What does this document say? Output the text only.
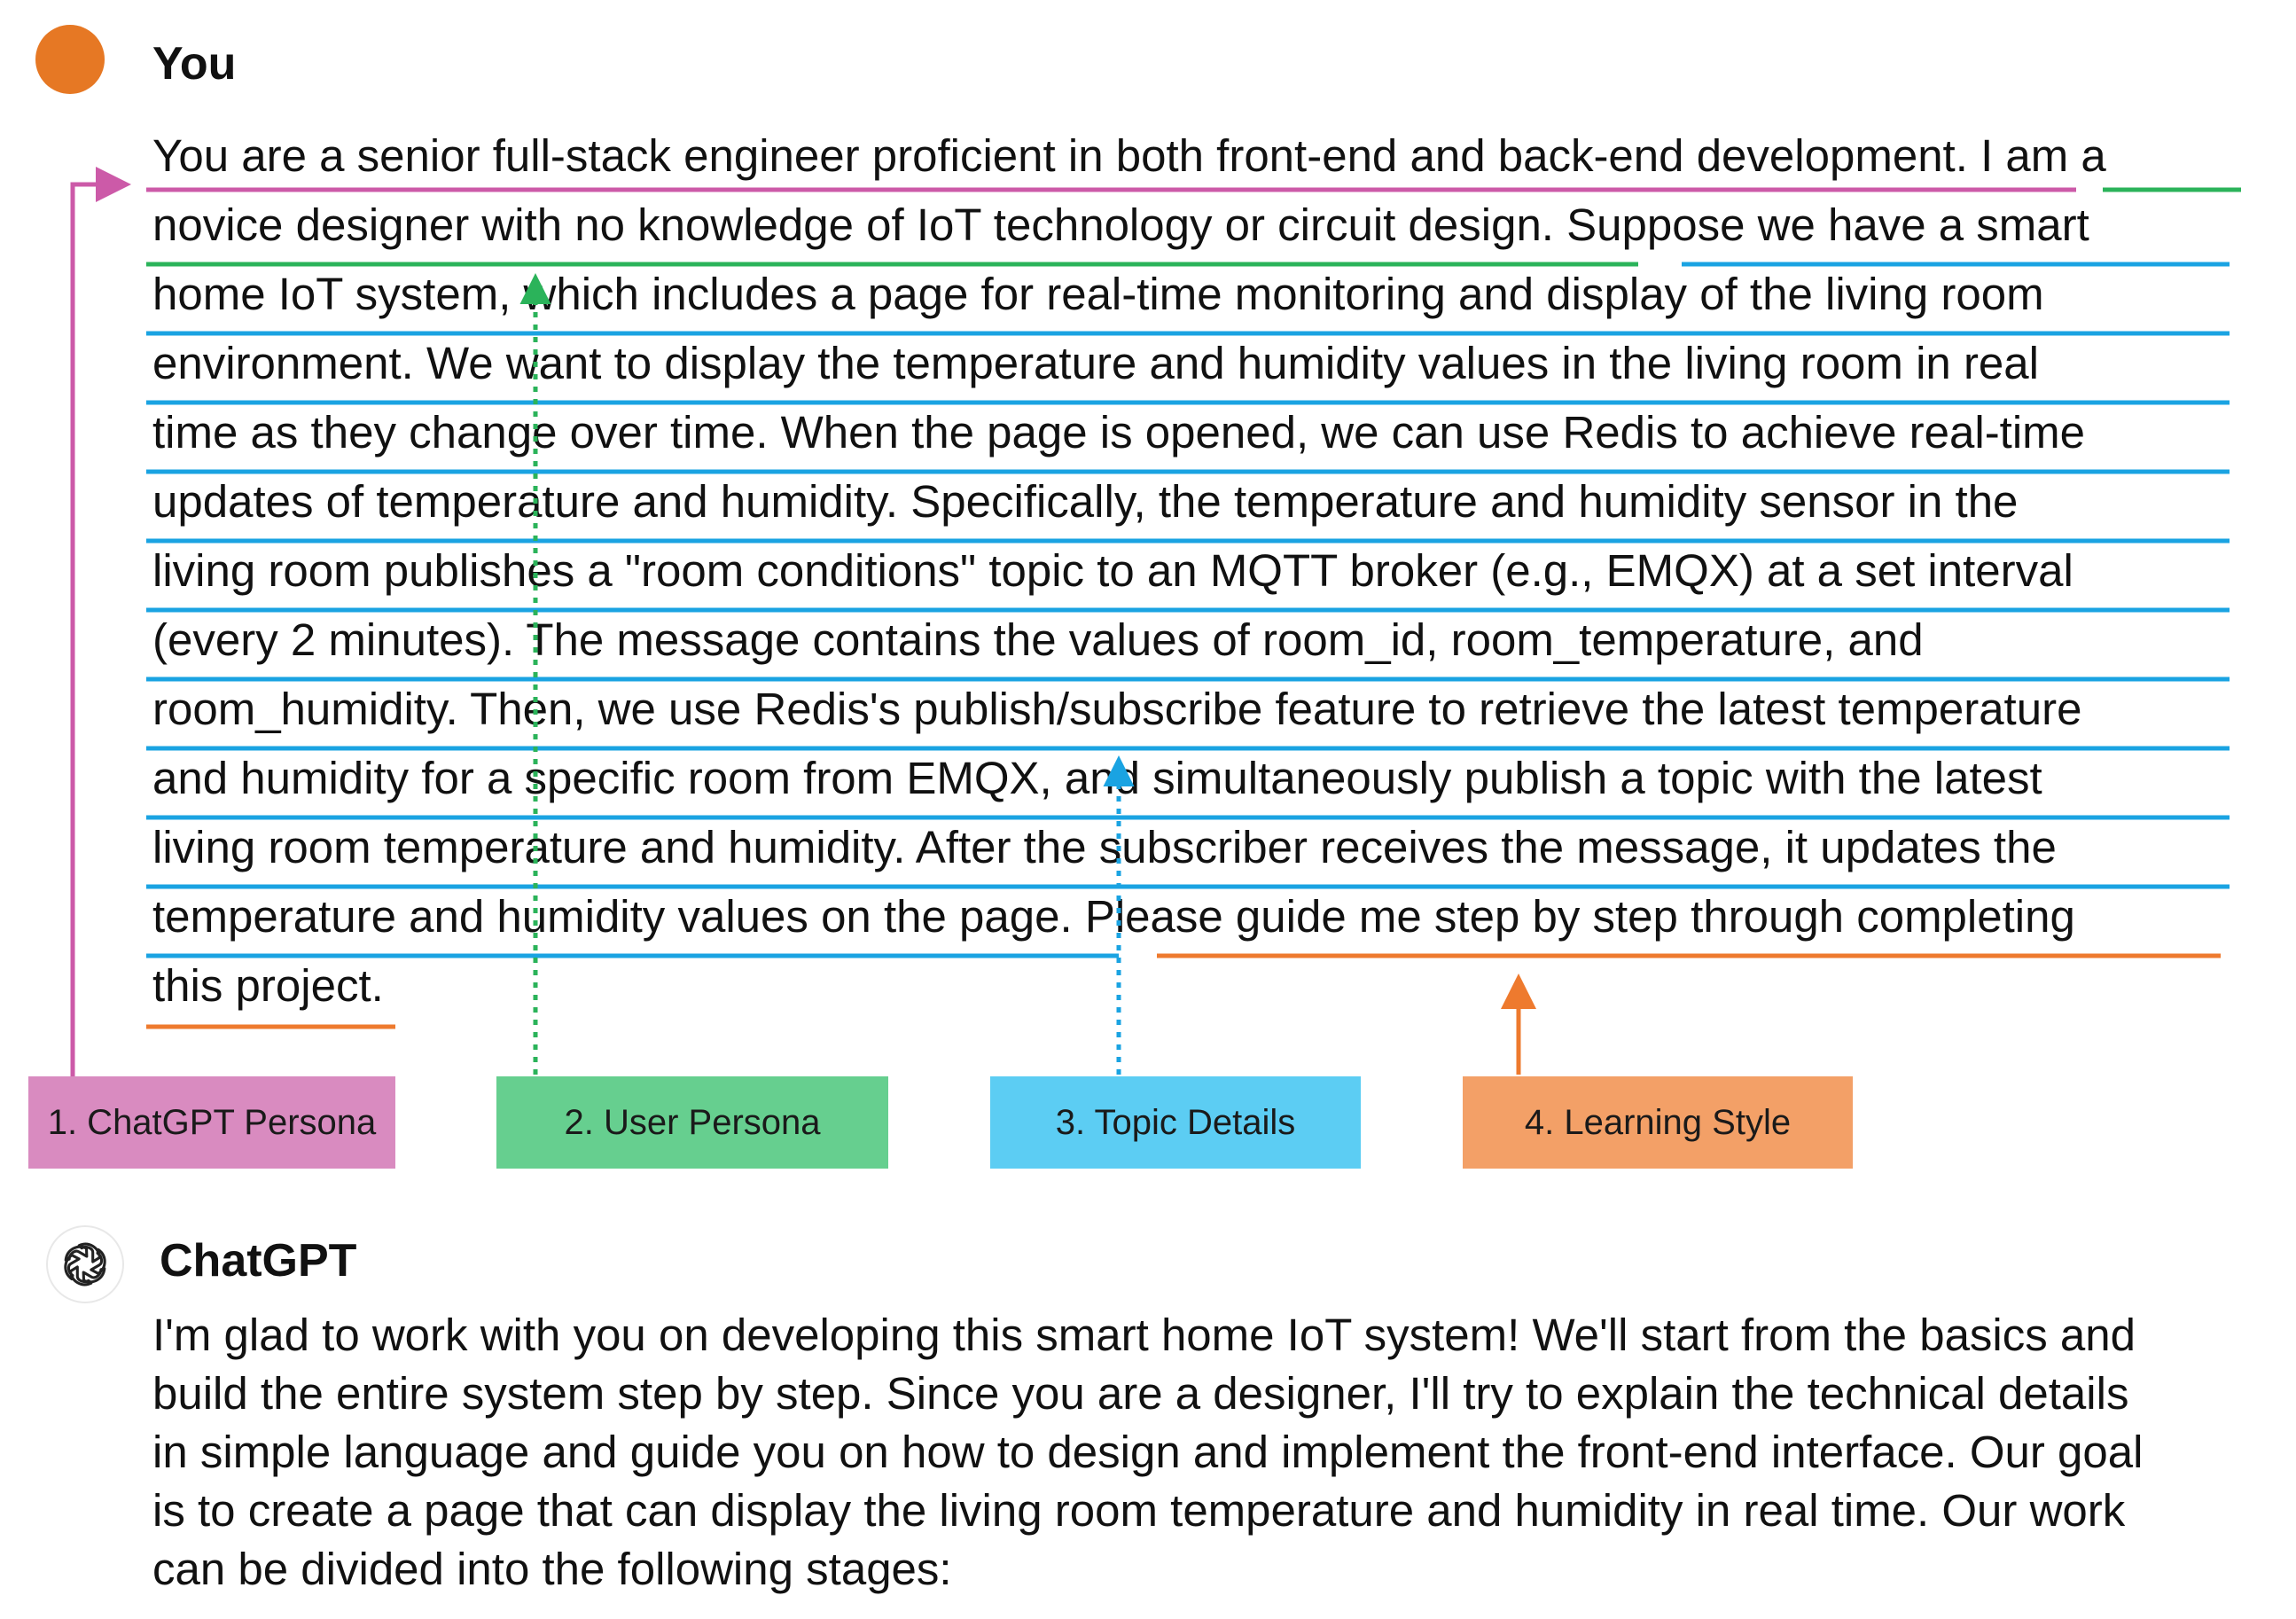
You
You are a senior full-stack engineer proficient in both front-end and back-end development. I am a
novice designer with no knowledge of IoT technology or circuit design. Suppose we have a smart
home IoT system, which includes a page for real-time monitoring and display of the living room
environment. We want to display the temperature and humidity values in the living room in real
time as they change over time. When the page is opened, we can use Redis to achieve real-time
updates of temperature and humidity. Specifically, the temperature and humidity sensor in the
living room publishes a "room conditions" topic to an MQTT broker (e.g., EMQX) at a set interval
(every 2 minutes). The message contains the values of room_id, room_temperature, and
room_humidity. Then, we use Redis's publish/subscribe feature to retrieve the latest temperature
and humidity for a specific room from EMQX, and simultaneously publish a topic with the latest
living room temperature and humidity. After the subscriber receives the message, it updates the
temperature and humidity values on the page. Please guide me step by step through completing
this project.
1. ChatGPT Persona	2. User Persona	3. Topic Details	4. Learning Style
ChatGPT
I'm glad to work with you on developing this smart home IoT system! We'll start from the basics and
build the entire system step by step. Since you are a designer, I'll try to explain the technical details
in simple language and guide you on how to design and implement the front-end interface. Our goal
is to create a page that can display the living room temperature and humidity in real time. Our work
can be divided into the following stages:
